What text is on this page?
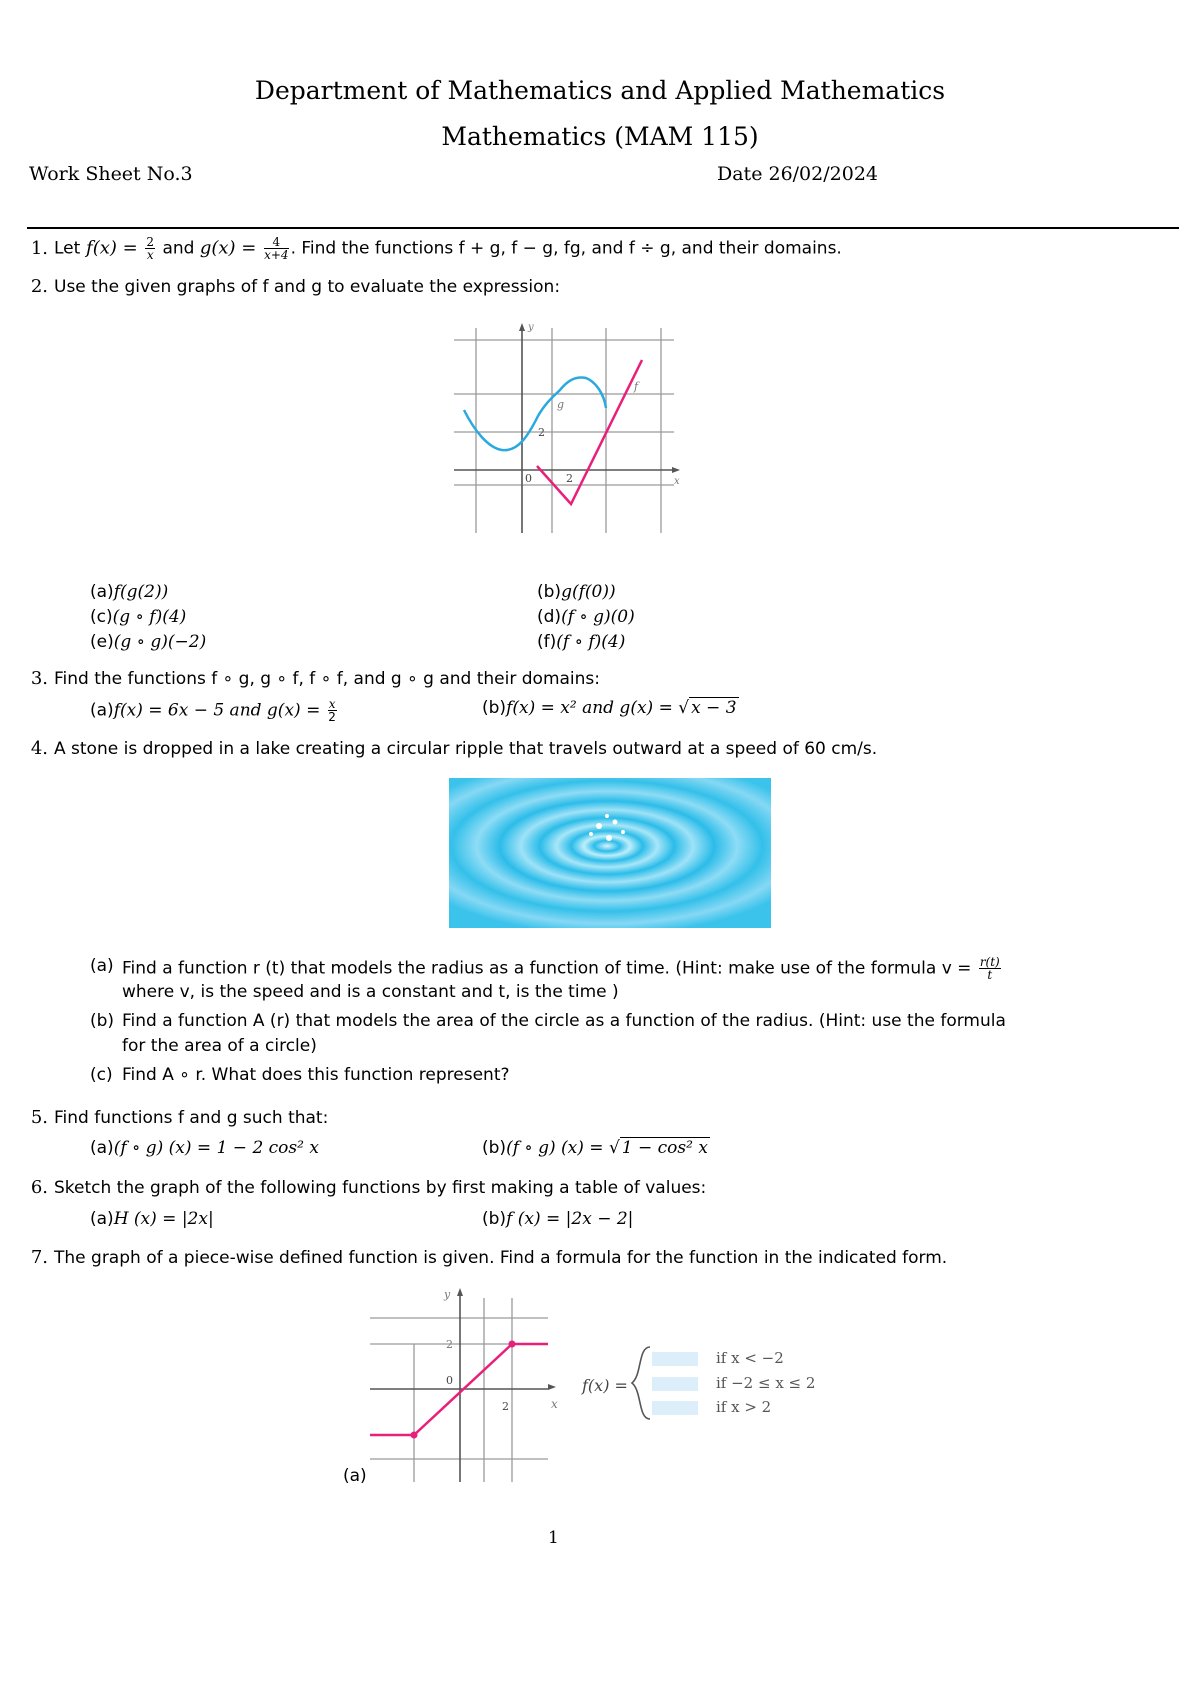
Department of Mathematics and Applied Mathematics
Mathematics (MAM 115)
Work Sheet No.3	Date 26/02/2024
1. Let $f(x) = \frac{2}{x}$ and $g(x) = \frac{4}{x+4}$ . Find the functions f + g, f − g, fg, and f ÷ g, and their domains.
2. Use the given graphs of f and g to evaluate the expression:
y
x
0	2
2
g
f
(a)f(g(2))	(b)g(f(0))
(c)(g ∘ f)(4)	(d)(f ∘ g)(0)
(e)(g ∘ g)(−2)	(f)(f ∘ f)(4)
3. Find the functions f ∘ g, g ∘ f, f ∘ f, and g ∘ g and their domains:
(a)f(x) = 6x − 5 and $g(x) = \frac{x}{2}$	(b)f(x) = x² and g(x) = √ x − 3
4. A stone is dropped in a lake creating a circular ripple that travels outward at a speed of 60 cm/s.
(a) Find a function r (t) that models the radius as a function of time. (Hint: make use of the formula $v = \frac{r(t)}{t}$
where v, is the speed and is a constant and t, is the time )
(b) Find a function A (r) that models the area of the circle as a function of the radius. (Hint: use the formula
for the area of a circle)
(c) Find A ∘ r. What does this function represent?
5. Find functions f and g such that:
(a)(f ∘ g) (x) = 1 − 2 cos² x	(b)(f ∘ g) (x) = √ 1 − cos² x
6. Sketch the graph of the following functions by first making a table of values:
(a)H (x) = |2x|	(b)f (x) = |2x − 2|
7. The graph of a piece-wise defined function is given. Find a formula for the function in the indicated form.
y
0
2
2	x
f(x) =
if x < −2
if −2 ≤ x ≤ 2
if x > 2
(a)
1
